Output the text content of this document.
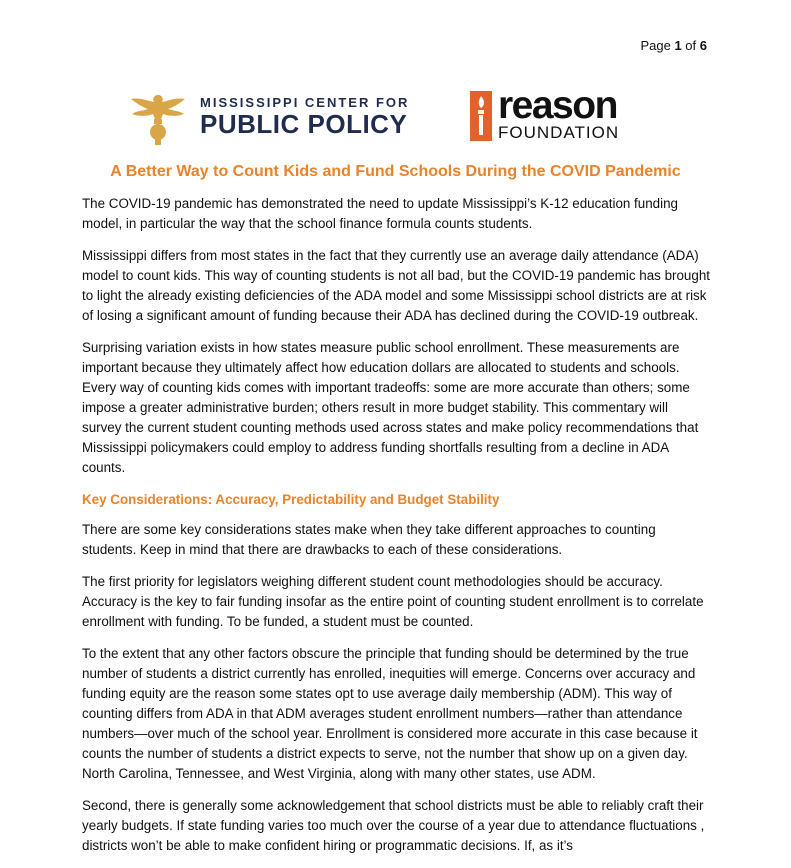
Page 1 of 6
MISSISSIPPI CENTER FOR
PUBLIC POLICY reason
FOUNDATION
A Better Way to Count Kids and Fund Schools During the COVID Pandemic

The COVID-19 pandemic has demonstrated the need to update Mississippi’s K-12 education funding model, in particular the way that the school finance formula counts students.

Mississippi differs from most states in the fact that they currently use an average daily attendance (ADA) model to count kids. This way of counting students is not all bad, but the COVID-19 pandemic has brought to light the already existing deficiencies of the ADA model and some Mississippi school districts are at risk of losing a significant amount of funding because their ADA has declined during the COVID-19 outbreak.

Surprising variation exists in how states measure public school enrollment. These measurements are important because they ultimately affect how education dollars are allocated to students and schools. Every way of counting kids comes with important tradeoffs: some are more accurate than others; some impose a greater administrative burden; others result in more budget stability. This commentary will survey the current student counting methods used across states and make policy recommendations that Mississippi policymakers could employ to address funding shortfalls resulting from a decline in ADA counts.

Key Considerations: Accuracy, Predictability and Budget Stability

There are some key considerations states make when they take different approaches to counting students. Keep in mind that there are drawbacks to each of these considerations.

The first priority for legislators weighing different student count methodologies should be accuracy. Accuracy is the key to fair funding insofar as the entire point of counting student enrollment is to correlate enrollment with funding. To be funded, a student must be counted.

To the extent that any other factors obscure the principle that funding should be determined by the true number of students a district currently has enrolled, inequities will emerge. Concerns over accuracy and funding equity are the reason some states opt to use average daily membership (ADM). This way of counting differs from ADA in that ADM averages student enrollment numbers—rather than attendance numbers—over much of the school year. Enrollment is considered more accurate in this case because it counts the number of students a district expects to serve, not the number that show up on a given day. North Carolina, Tennessee, and West Virginia, along with many other states, use ADM.

Second, there is generally some acknowledgement that school districts must be able to reliably craft their yearly budgets. If state funding varies too much over the course of a year due to attendance fluctuations , districts won’t be able to make confident hiring or programmatic decisions. If, as it’s
